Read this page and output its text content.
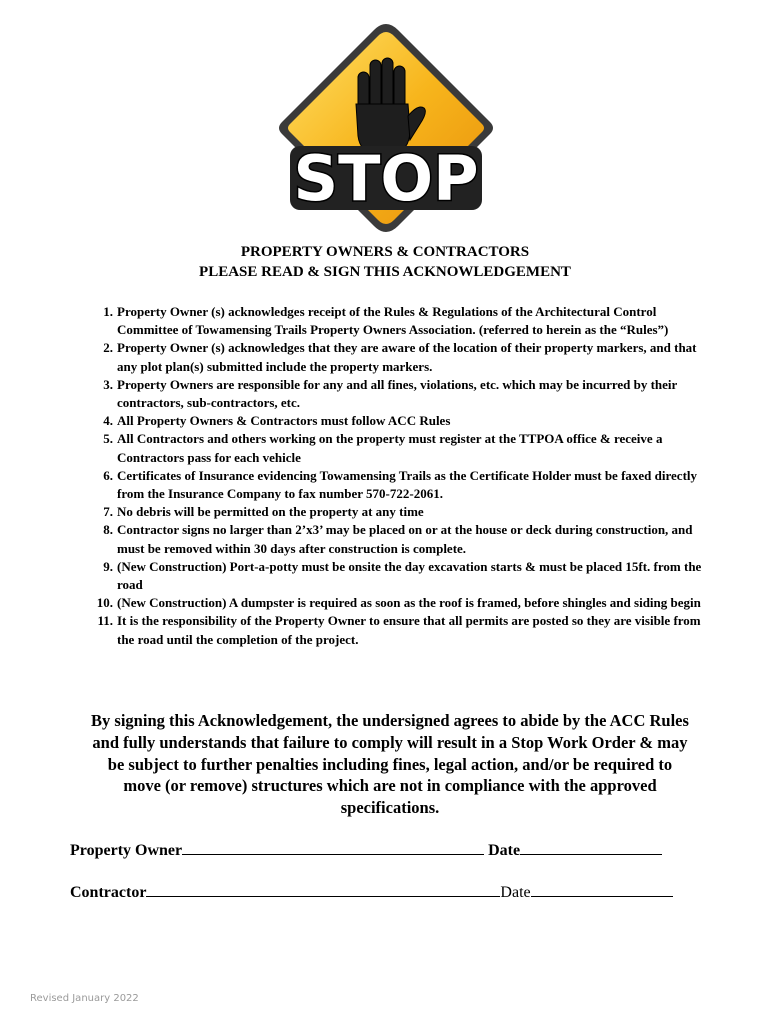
STOP
PROPERTY OWNERS & CONTRACTORS
PLEASE READ & SIGN THIS ACKNOWLEDGEMENT
1. Property Owner (s) acknowledges receipt of the Rules & Regulations of the Architectural Control Committee of Towamensing Trails Property Owners Association. (referred to herein as the “Rules”)
2. Property Owner (s) acknowledges that they are aware of the location of their property markers, and that any plot plan(s) submitted include the property markers.
3. Property Owners are responsible for any and all fines, violations, etc. which may be incurred by their contractors, sub-contractors, etc.
4. All Property Owners & Contractors must follow ACC Rules
5. All Contractors and others working on the property must register at the TTPOA office & receive a Contractors pass for each vehicle
6. Certificates of Insurance evidencing Towamensing Trails as the Certificate Holder must be faxed directly from the Insurance Company to fax number 570-722-2061.
7. No debris will be permitted on the property at any time
8. Contractor signs no larger than 2’x3’ may be placed on or at the house or deck during construction, and must be removed within 30 days after construction is complete.
9. (New Construction) Port-a-potty must be onsite the day excavation starts & must be placed 15ft. from the road
10. (New Construction) A dumpster is required as soon as the roof is framed, before shingles and siding begin
11. It is the responsibility of the Property Owner to ensure that all permits are posted so they are visible from the road until the completion of the project.
By signing this Acknowledgement, the undersigned agrees to abide by the ACC Rules and fully understands that failure to comply will result in a Stop Work Order & may be subject to further penalties including fines, legal action, and/or be required to move (or remove) structures which are not in compliance with the approved specifications.
Property Owner	Date
Contractor	Date
Revised January 2022
